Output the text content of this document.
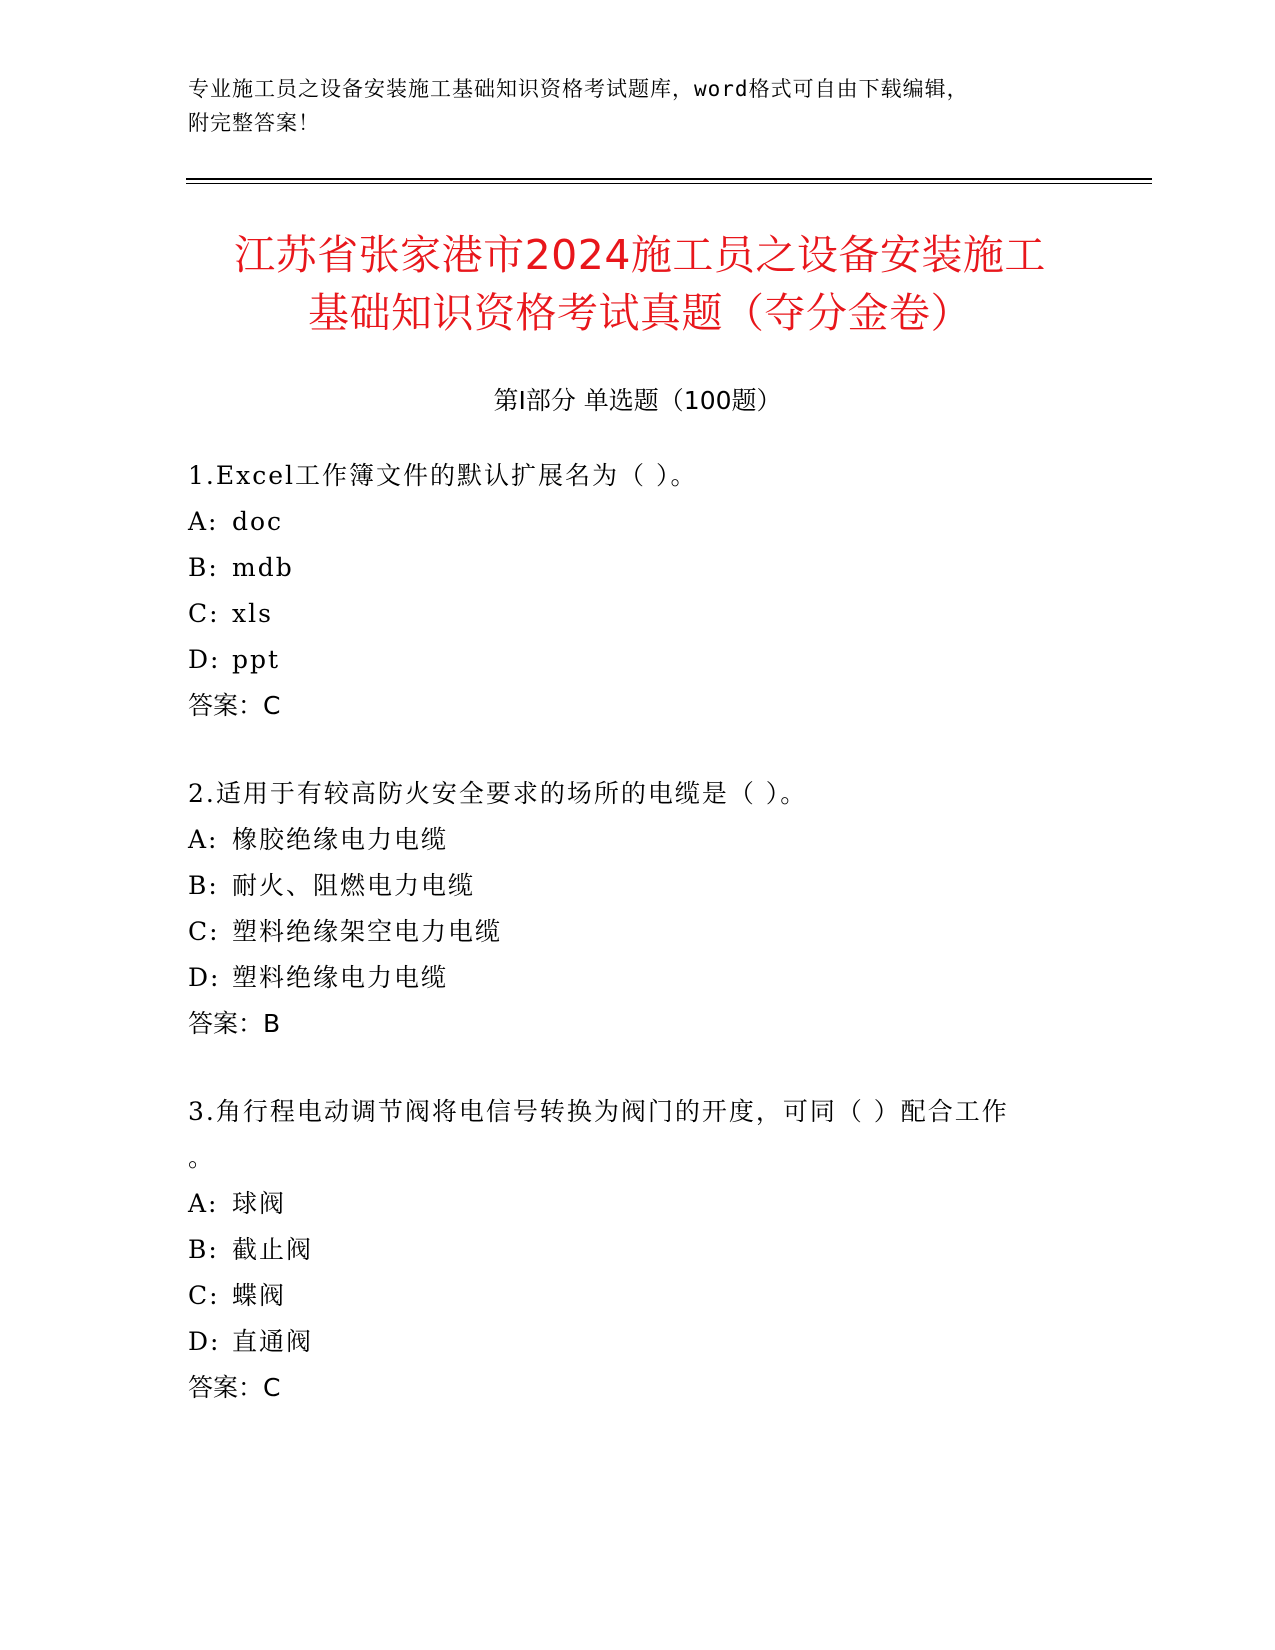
专业施工员之设备安装施工基础知识资格考试题库，word格式可自由下载编辑，
附完整答案！
江苏省张家港市2024施工员之设备安装施工
基础知识资格考试真题（夺分金卷）
第Ⅰ部分 单选题（100题）

1.Excel工作簿文件的默认扩展名为（ ）。

A: doc

B: mdb

C: xls

D: ppt

答案：C

2.适用于有较高防火安全要求的场所的电缆是（ ）。

A: 橡胶绝缘电力电缆

B: 耐火、阻燃电力电缆

C: 塑料绝缘架空电力电缆

D: 塑料绝缘电力电缆

答案：B

3.角行程电动调节阀将电信号转换为阀门的开度，可同（ ）配合工作

。

A: 球阀

B: 截止阀

C: 蝶阀

D: 直通阀

答案：C
